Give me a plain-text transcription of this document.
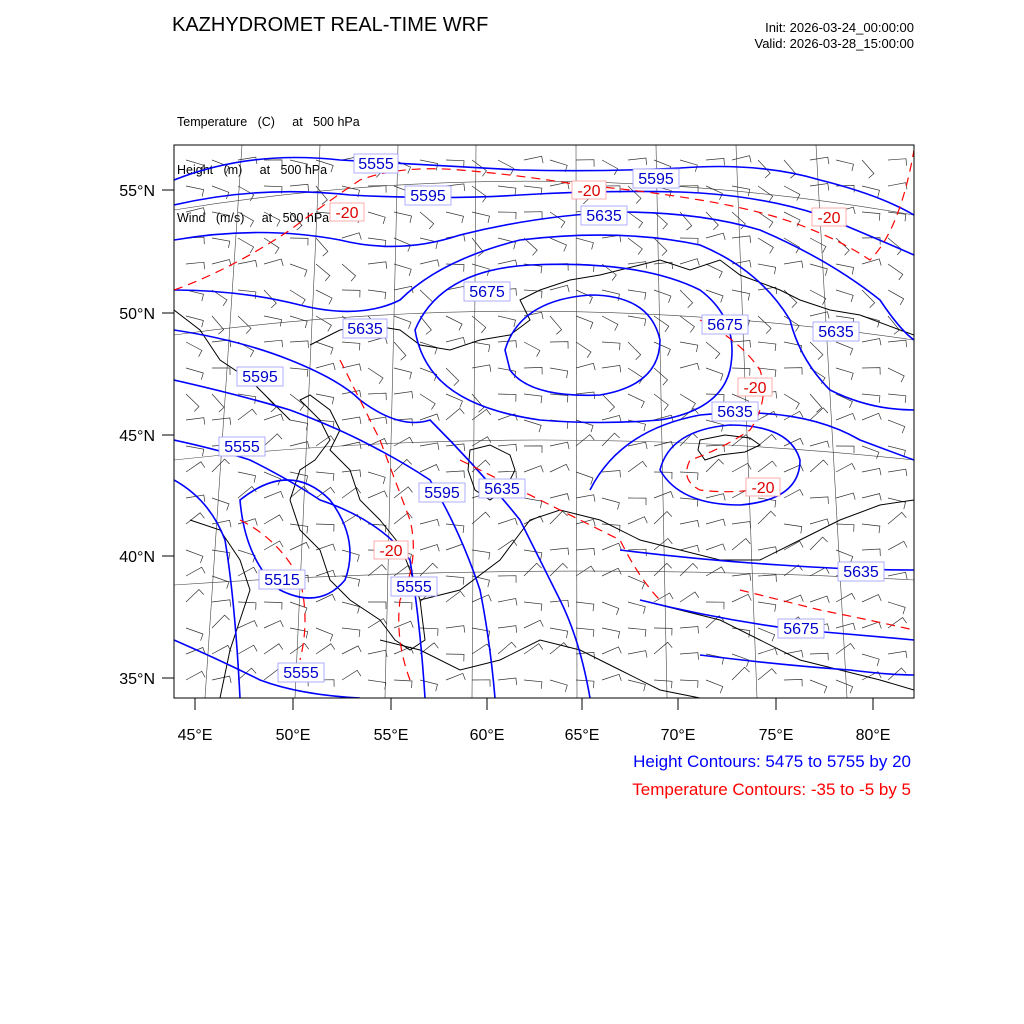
KAZHYDROMET REAL-TIME WRF	Init: 2026-03-24_00:00:00
Valid: 2026-03-28_15:00:00

Temperature   (C)     at   500 hPa

Height   (m)     at   500 hPa

Wind   (m/s)     at   500 hPa

55°N
50°N
45°N
40°N
35°N
45°E	50°E	55°E	60°E	65°E	70°E	75°E	80°E
5555
5595
5595
5635
5675
5675
5635	5635
5595
5555
5635
5595 5635
5515	5555
5555
5635
5675
-20
-20
-20
-20
-20
-20
Height Contours: 5475 to 5755 by 20
Temperature Contours: -35 to -5 by 5
